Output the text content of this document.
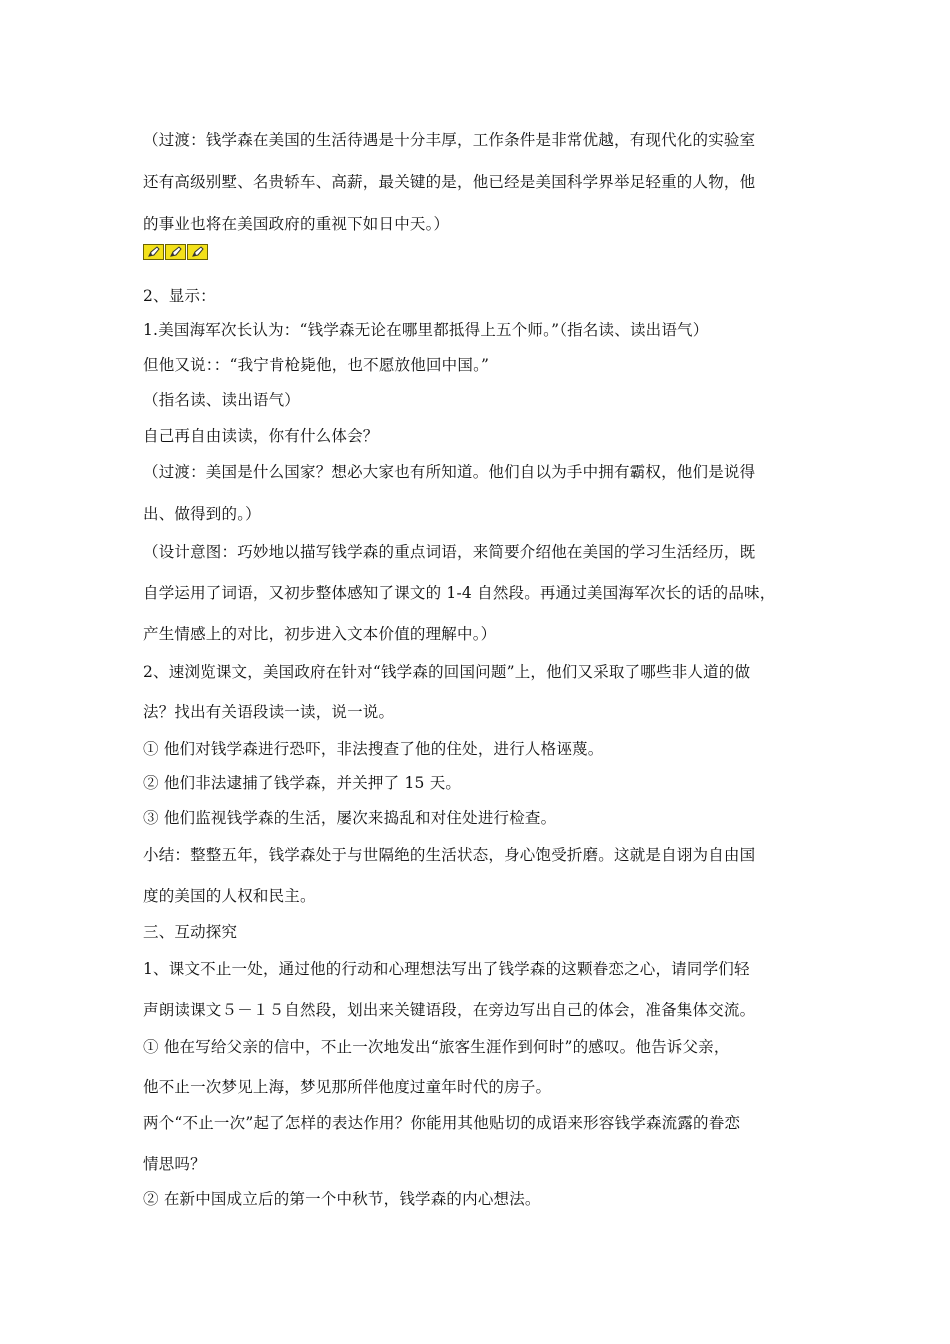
（过渡：钱学森在美国的生活待遇是十分丰厚，工作条件是非常优越，有现代化的实验室
还有高级别墅、名贵轿车、高薪，最关键的是，他已经是美国科学界举足轻重的人物，他
的事业也将在美国政府的重视下如日中天。）
2、显示：
1.美国海军次长认为：“钱学森无论在哪里都抵得上五个师。”（指名读、读出语气）
但他又说：：“我宁肯枪毙他，也不愿放他回中国。”
（指名读、读出语气）
自己再自由读读，你有什么体会？
（过渡：美国是什么国家？想必大家也有所知道。他们自以为手中拥有霸权，他们是说得
出、做得到的。）
（设计意图：巧妙地以描写钱学森的重点词语，来简要介绍他在美国的学习生活经历，既
自学运用了词语，又初步整体感知了课文的 1-4 自然段。再通过美国海军次长的话的品味，
产生情感上的对比，初步进入文本价值的理解中。）
2、速浏览课文，美国政府在针对“钱学森的回国问题”上，他们又采取了哪些非人道的做
法？找出有关语段读一读，说一说。
① 他们对钱学森进行恐吓，非法搜查了他的住处，进行人格诬蔑。
② 他们非法逮捕了钱学森，并关押了 15 天。
③ 他们监视钱学森的生活，屡次来捣乱和对住处进行检查。
小结：整整五年，钱学森处于与世隔绝的生活状态，身心饱受折磨。这就是自诩为自由国
度的美国的人权和民主。
三、互动探究
1、课文不止一处，通过他的行动和心理想法写出了钱学森的这颗眷恋之心，请同学们轻
声朗读课文５－１５自然段，划出来关键语段，在旁边写出自己的体会，准备集体交流。
① 他在写给父亲的信中，不止一次地发出“旅客生涯作到何时”的感叹。他告诉父亲，
他不止一次梦见上海，梦见那所伴他度过童年时代的房子。
两个“不止一次”起了怎样的表达作用？你能用其他贴切的成语来形容钱学森流露的眷恋
情思吗？
② 在新中国成立后的第一个中秋节，钱学森的内心想法。
